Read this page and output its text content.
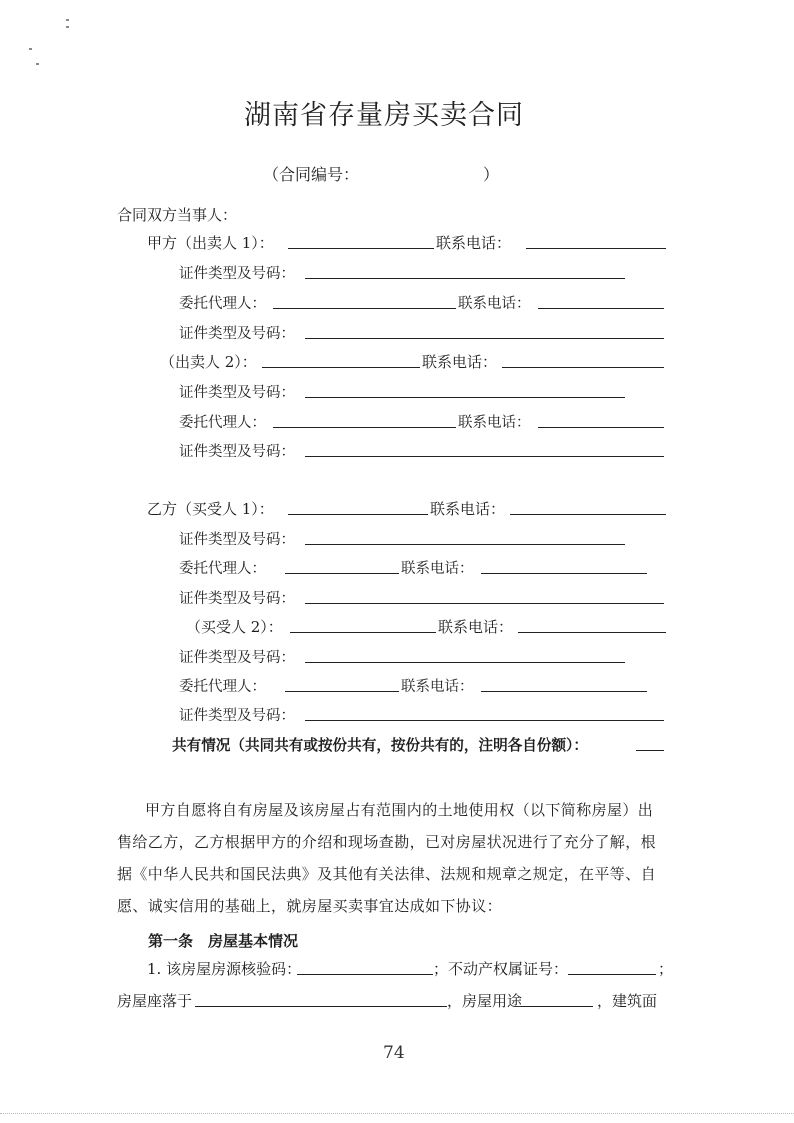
湖南省存量房买卖合同
（合同编号：	）
合同双方当事人：
甲方（出卖人 1）：	联系电话：
证件类型及号码：
委托代理人：	联系电话：
证件类型及号码：
（出卖人 2）：	联系电话：
证件类型及号码：
委托代理人：	联系电话：
证件类型及号码：
乙方（买受人 1）：	联系电话：
证件类型及号码：
委托代理人：	联系电话：
证件类型及号码：
（买受人 2）：	联系电话：
证件类型及号码：
委托代理人：	联系电话：
证件类型及号码：
共有情况（共同共有或按份共有，按份共有的，注明各自份额）：
甲方自愿将自有房屋及该房屋占有范围内的土地使用权（以下简称房屋）出
售给乙方，乙方根据甲方的介绍和现场查勘，已对房屋状况进行了充分了解，根
据《中华人民共和国民法典》及其他有关法律、法规和规章之规定，在平等、自
愿、诚实信用的基础上，就房屋买卖事宜达成如下协议：
第一条　房屋基本情况
1. 该房屋房源核验码：	；不动产权属证号：	；
房屋座落于	，房屋用途	，建筑面
74
